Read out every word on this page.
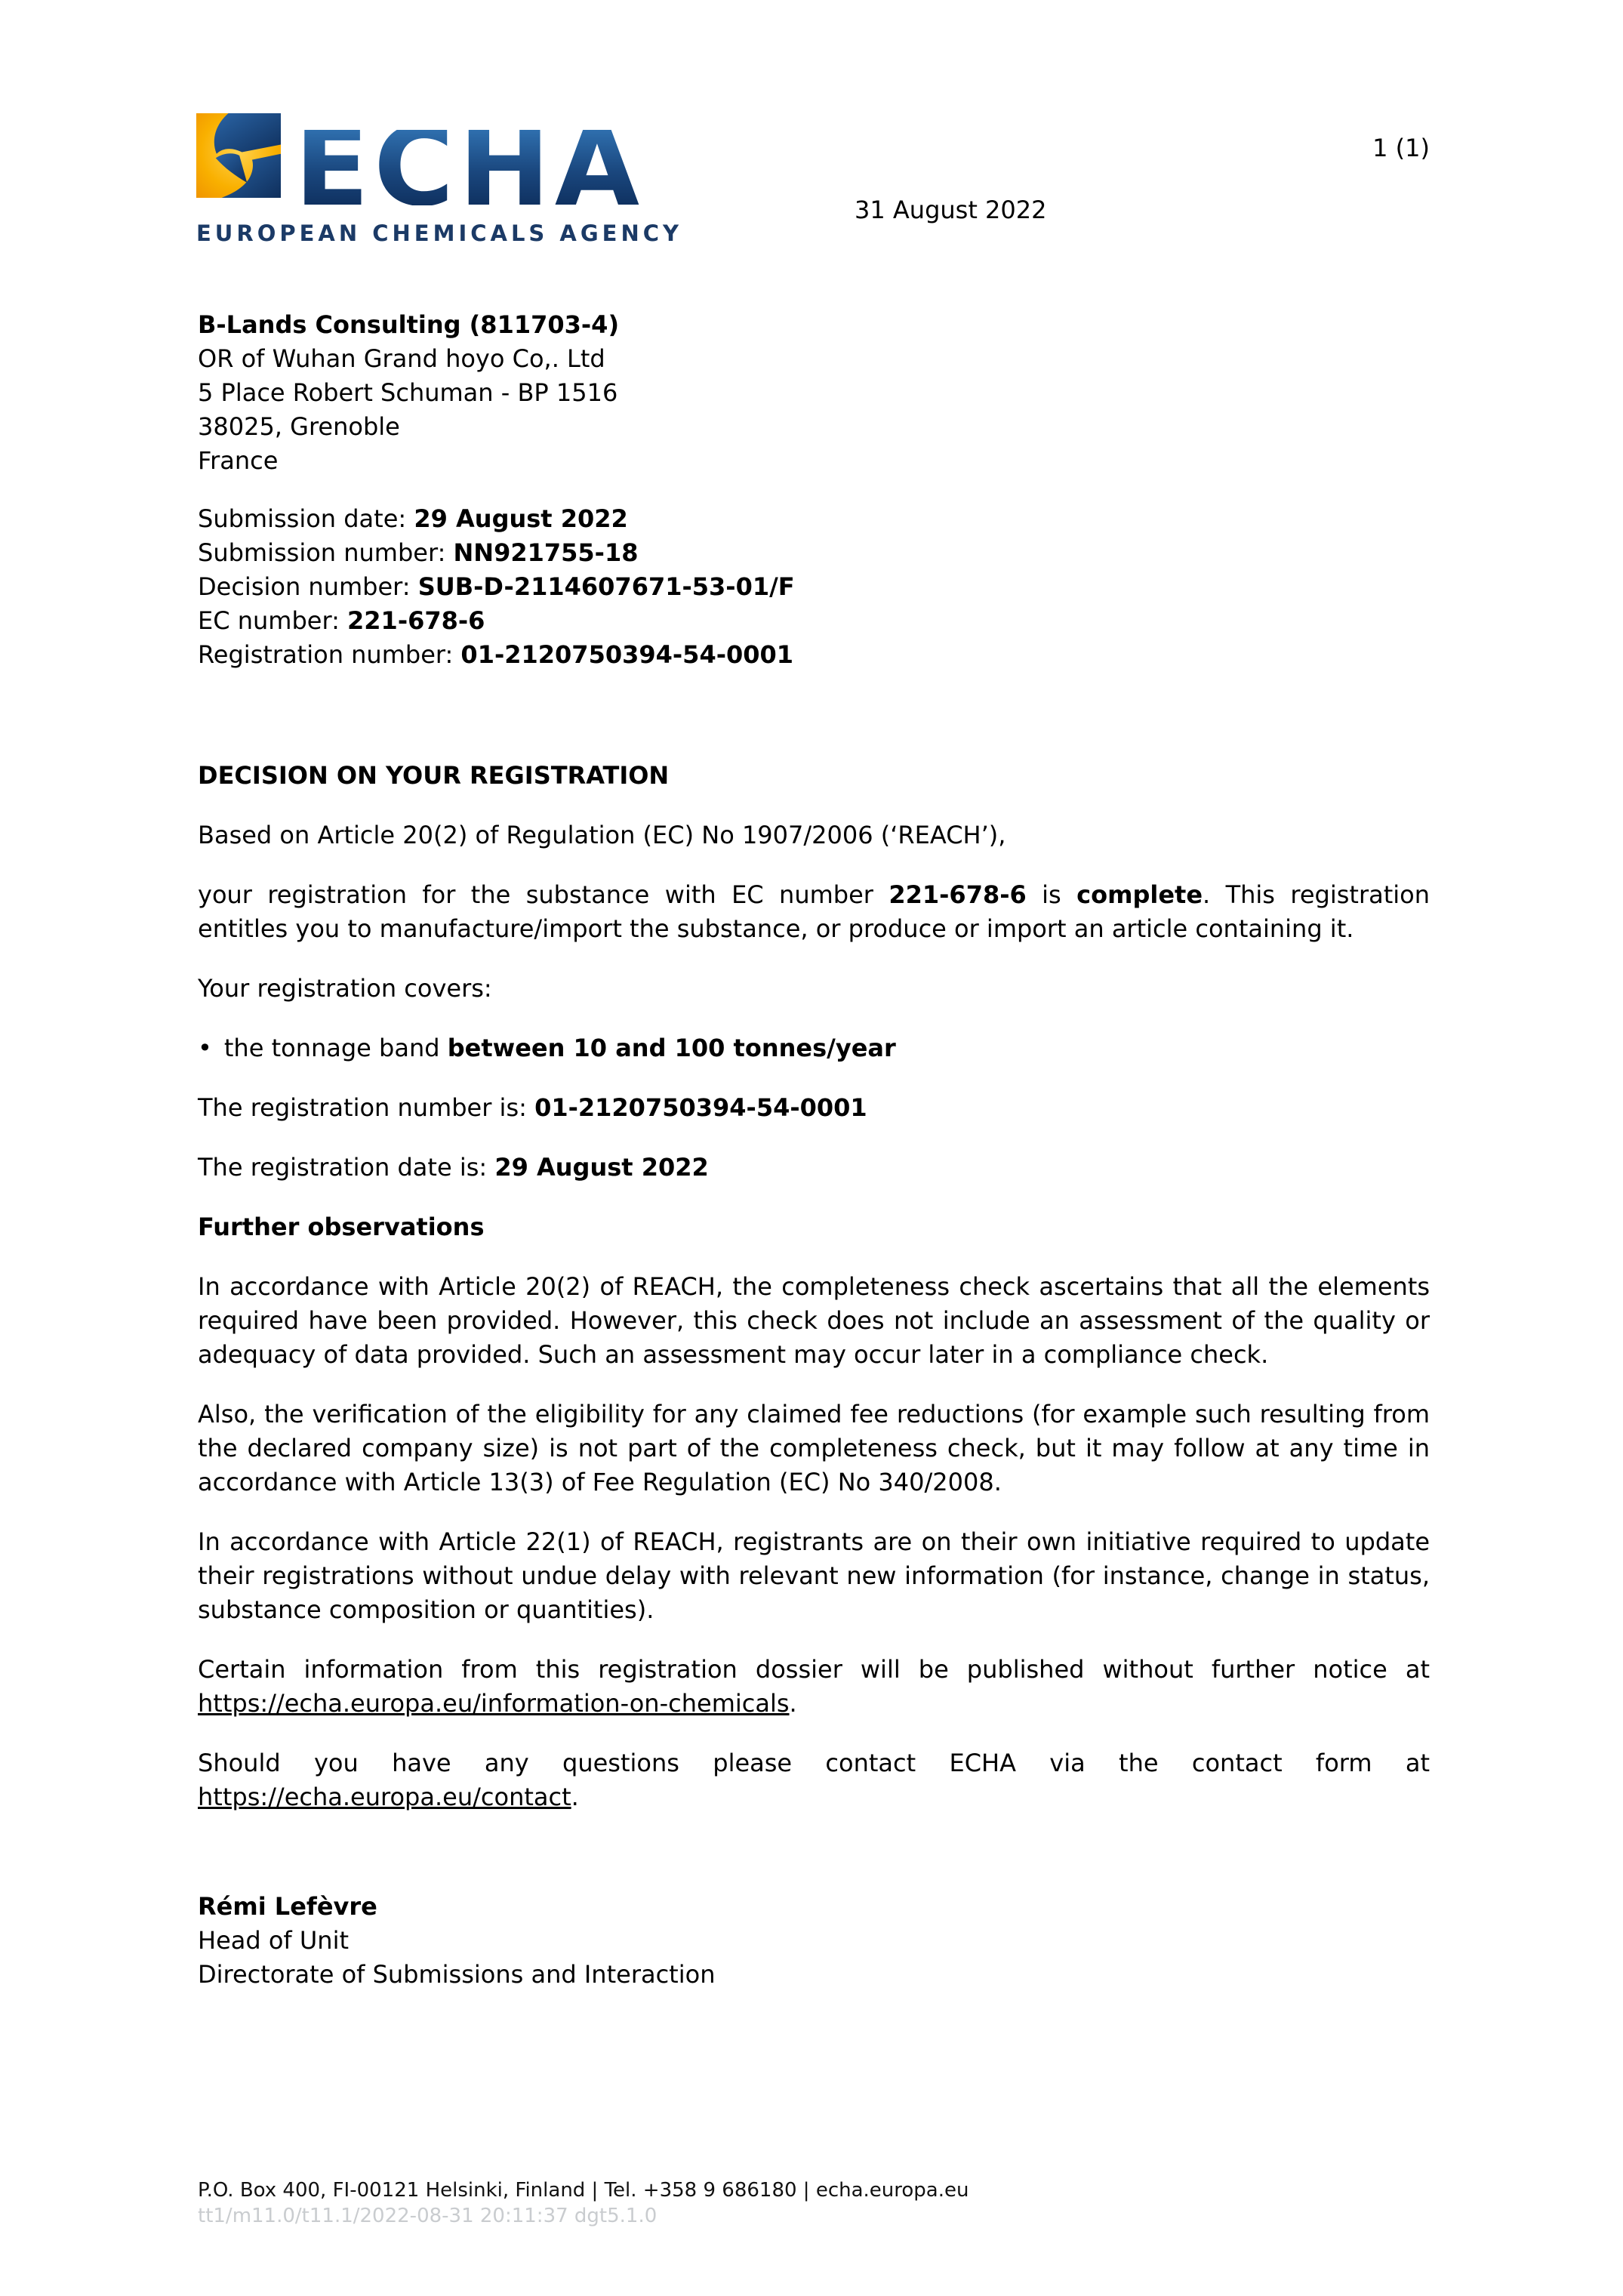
1 (1)
ECHA
EUROPEAN CHEMICALS AGENCY
31 August 2022
B-Lands Consulting (811703-4)
OR of Wuhan Grand hoyo Co,. Ltd
5 Place Robert Schuman - BP 1516
38025, Grenoble
France
Submission date: 29 August 2022
Submission number: NN921755-18
Decision number: SUB-D-2114607671-53-01/F
EC number: 221-678-6
Registration number: 01-2120750394-54-0001
DECISION ON YOUR REGISTRATION

Based on Article 20(2) of Regulation (EC) No 1907/2006 (‘REACH’),

your registration for the substance with EC number 221-678-6 is complete. This registration entitles you to manufacture/import the substance, or produce or import an article containing it.

Your registration covers:

• the tonnage band between 10 and 100 tonnes/year

The registration number is: 01-2120750394-54-0001

The registration date is: 29 August 2022

Further observations

In accordance with Article 20(2) of REACH, the completeness check ascertains that all the elements required have been provided. However, this check does not include an assessment of the quality or adequacy of data provided. Such an assessment may occur later in a compliance check.

Also, the verification of the eligibility for any claimed fee reductions (for example such resulting from the declared company size) is not part of the completeness check, but it may follow at any time in accordance with Article 13(3) of Fee Regulation (EC) No 340/2008.

In accordance with Article 22(1) of REACH, registrants are on their own initiative required to update their registrations without undue delay with relevant new information (for instance, change in status, substance composition or quantities).

Certain information from this registration dossier will be published without further notice at https://echa.europa.eu/information-on-chemicals.

Should you have any questions please contact ECHA via the contact form at https://echa.europa.eu/contact.

Rémi Lefèvre
Head of Unit
Directorate of Submissions and Interaction
P.O. Box 400, FI-00121 Helsinki, Finland | Tel. +358 9 686180 | echa.europa.eu
tt1/m11.0/t11.1/2022-08-31 20:11:37 dgt5.1.0
